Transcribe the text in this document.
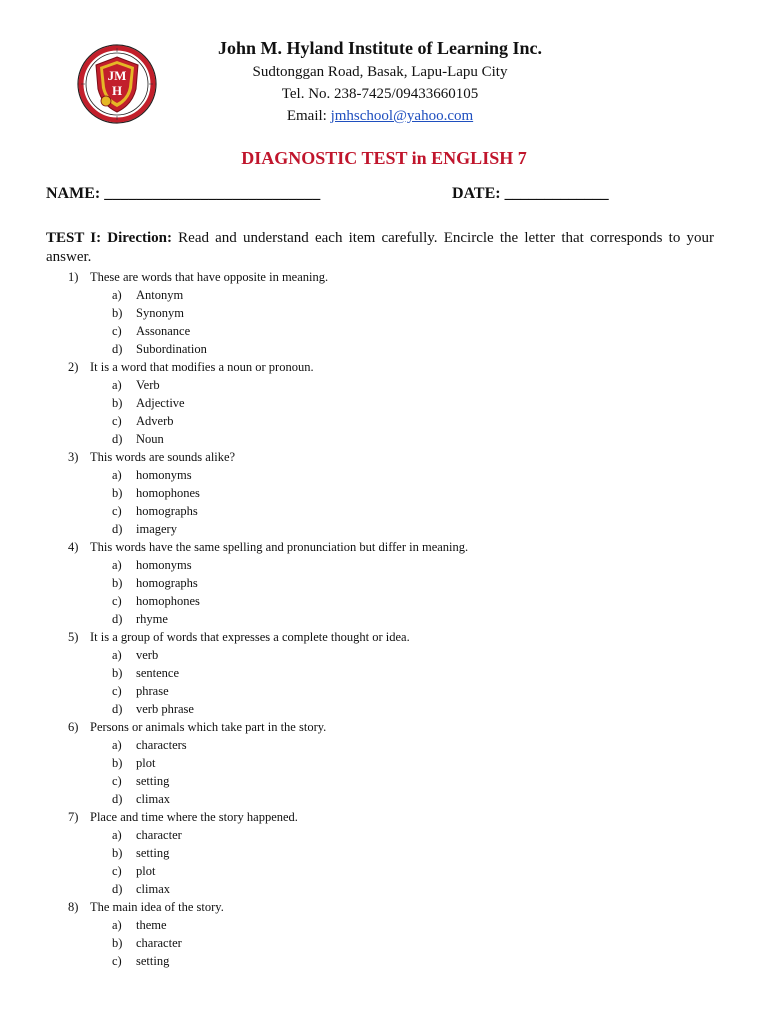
JM
H
John M. Hyland Institute of Learning Inc.
Sudtonggan Road, Basak, Lapu-Lapu City
Tel. No. 238-7425/09433660105
Email: jmhschool@yahoo.com
DIAGNOSTIC TEST in ENGLISH 7
NAME: ___________________________	DATE: _____________
TEST I: Direction: Read and understand each item carefully. Encircle the letter that corresponds to your answer.
1) These are words that have opposite in meaning.
a)	Antonym
b)	Synonym
c)	Assonance
d)	Subordination
2) It is a word that modifies a noun or pronoun.
a)	Verb
b)	Adjective
c)	Adverb
d)	Noun
3) This words are sounds alike?
a)	homonyms
b)	homophones
c)	homographs
d)	imagery
4) This words have the same spelling and pronunciation but differ in meaning.
a)	homonyms
b)	homographs
c)	homophones
d)	rhyme
5) It is a group of words that expresses a complete thought or idea.
a)	verb
b)	sentence
c)	phrase
d)	verb phrase
6) Persons or animals which take part in the story.
a)	characters
b)	plot
c)	setting
d)	climax
7) Place and time where the story happened.
a)	character
b)	setting
c)	plot
d)	climax
8) The main idea of the story.
a)	theme
b)	character
c)	setting
